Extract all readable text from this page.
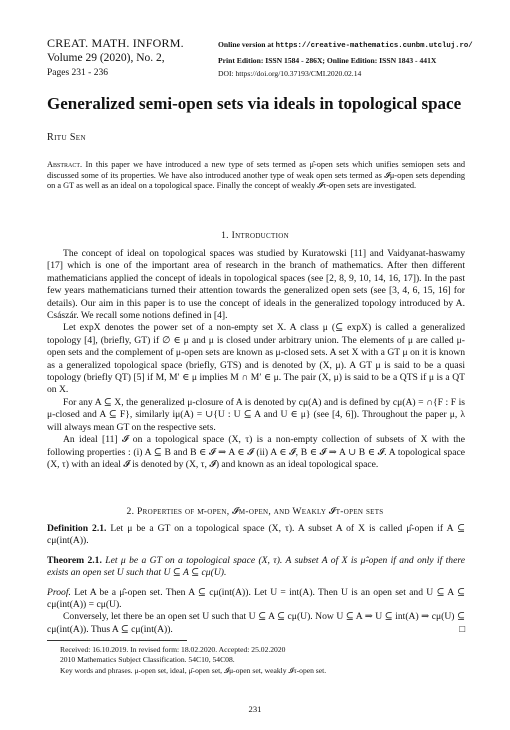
CREAT. MATH. INFORM.
Volume 29 (2020), No. 2,
Pages 231 - 236
Online version at https://creative-mathematics.cunbm.utcluj.ro/
Print Edition: ISSN 1584 - 286X; Online Edition: ISSN 1843 - 441X
DOI: https://doi.org/10.37193/CMI.2020.02.14
Generalized semi-open sets via ideals in topological space
Ritu Sen
Abstract. In this paper we have introduced a new type of sets termed as μ̂-open sets which unifies semiopen sets and discussed some of its properties. We have also introduced another type of weak open sets termed as 𝓘μ-open sets depending on a GT as well as an ideal on a topological space. Finally the concept of weakly 𝓘τ-open sets are investigated.
1. Introduction

The concept of ideal on topological spaces was studied by Kuratowski [11] and Vaidyanat-haswamy [17] which is one of the important area of research in the branch of mathematics. After then different mathematicians applied the concept of ideals in topological spaces (see [2, 8, 9, 10, 14, 16, 17]). In the past few years mathematicians turned their attention towards the generalized open sets (see [3, 4, 6, 15, 16] for details). Our aim in this paper is to use the concept of ideals in the generalized topology introduced by A. Császár. We recall some notions defined in [4].

Let expX denotes the power set of a non-empty set X. A class μ (⊆ expX) is called a generalized topology [4], (briefly, GT) if ∅ ∈ μ and μ is closed under arbitrary union. The elements of μ are called μ-open sets and the complement of μ-open sets are known as μ-closed sets. A set X with a GT μ on it is known as a generalized topological space (briefly, GTS) and is denoted by (X, μ). A GT μ is said to be a quasi topology (briefly QT) [5] if M, M′ ∈ μ implies M ∩ M′ ∈ μ. The pair (X, μ) is said to be a QTS if μ is a QT on X.

For any A ⊆ X, the generalized μ-closure of A is denoted by cμ(A) and is defined by cμ(A) = ∩{F : F is μ-closed and A ⊆ F}, similarly iμ(A) = ∪{U : U ⊆ A and U ∈ μ} (see [4, 6]). Throughout the paper μ, λ will always mean GT on the respective sets.

An ideal [11] 𝓘 on a topological space (X, τ) is a non-empty collection of subsets of X with the following properties : (i) A ⊆ B and B ∈ 𝓘 ⇒ A ∈ 𝓘 (ii) A ∈ 𝓘, B ∈ 𝓘 ⇒ A ∪ B ∈ 𝓘. A topological space (X, τ) with an ideal 𝓘 is denoted by (X, τ, 𝓘) and known as an ideal topological space.

2. Properties of μ̂-open, 𝓘μ-open, and Weakly 𝓘τ-open sets

Definition 2.1. Let μ be a GT on a topological space (X, τ). A subset A of X is called μ̂-open if A ⊆ cμ(int(A)).

Theorem 2.1. Let μ be a GT on a topological space (X, τ). A subset A of X is μ̂-open if and only if there exists an open set U such that U ⊆ A ⊆ cμ(U).

Proof. Let A be a μ̂-open set. Then A ⊆ cμ(int(A)). Let U = int(A). Then U is an open set and U ⊆ A ⊆ cμ(int(A)) = cμ(U).

Conversely, let there be an open set U such that U ⊆ A ⊆ cμ(U). Now U ⊆ A ⇒ U ⊆ int(A) ⇒ cμ(U) ⊆ cμ(int(A)). Thus A ⊆ cμ(int(A)).	□

Received: 16.10.2019. In revised form: 18.02.2020. Accepted: 25.02.2020
2010 Mathematics Subject Classification. 54C10, 54C08.
Key words and phrases. μ-open set, ideal, μ̂-open set, 𝓘μ-open set, weakly 𝓘τ-open set.
231
